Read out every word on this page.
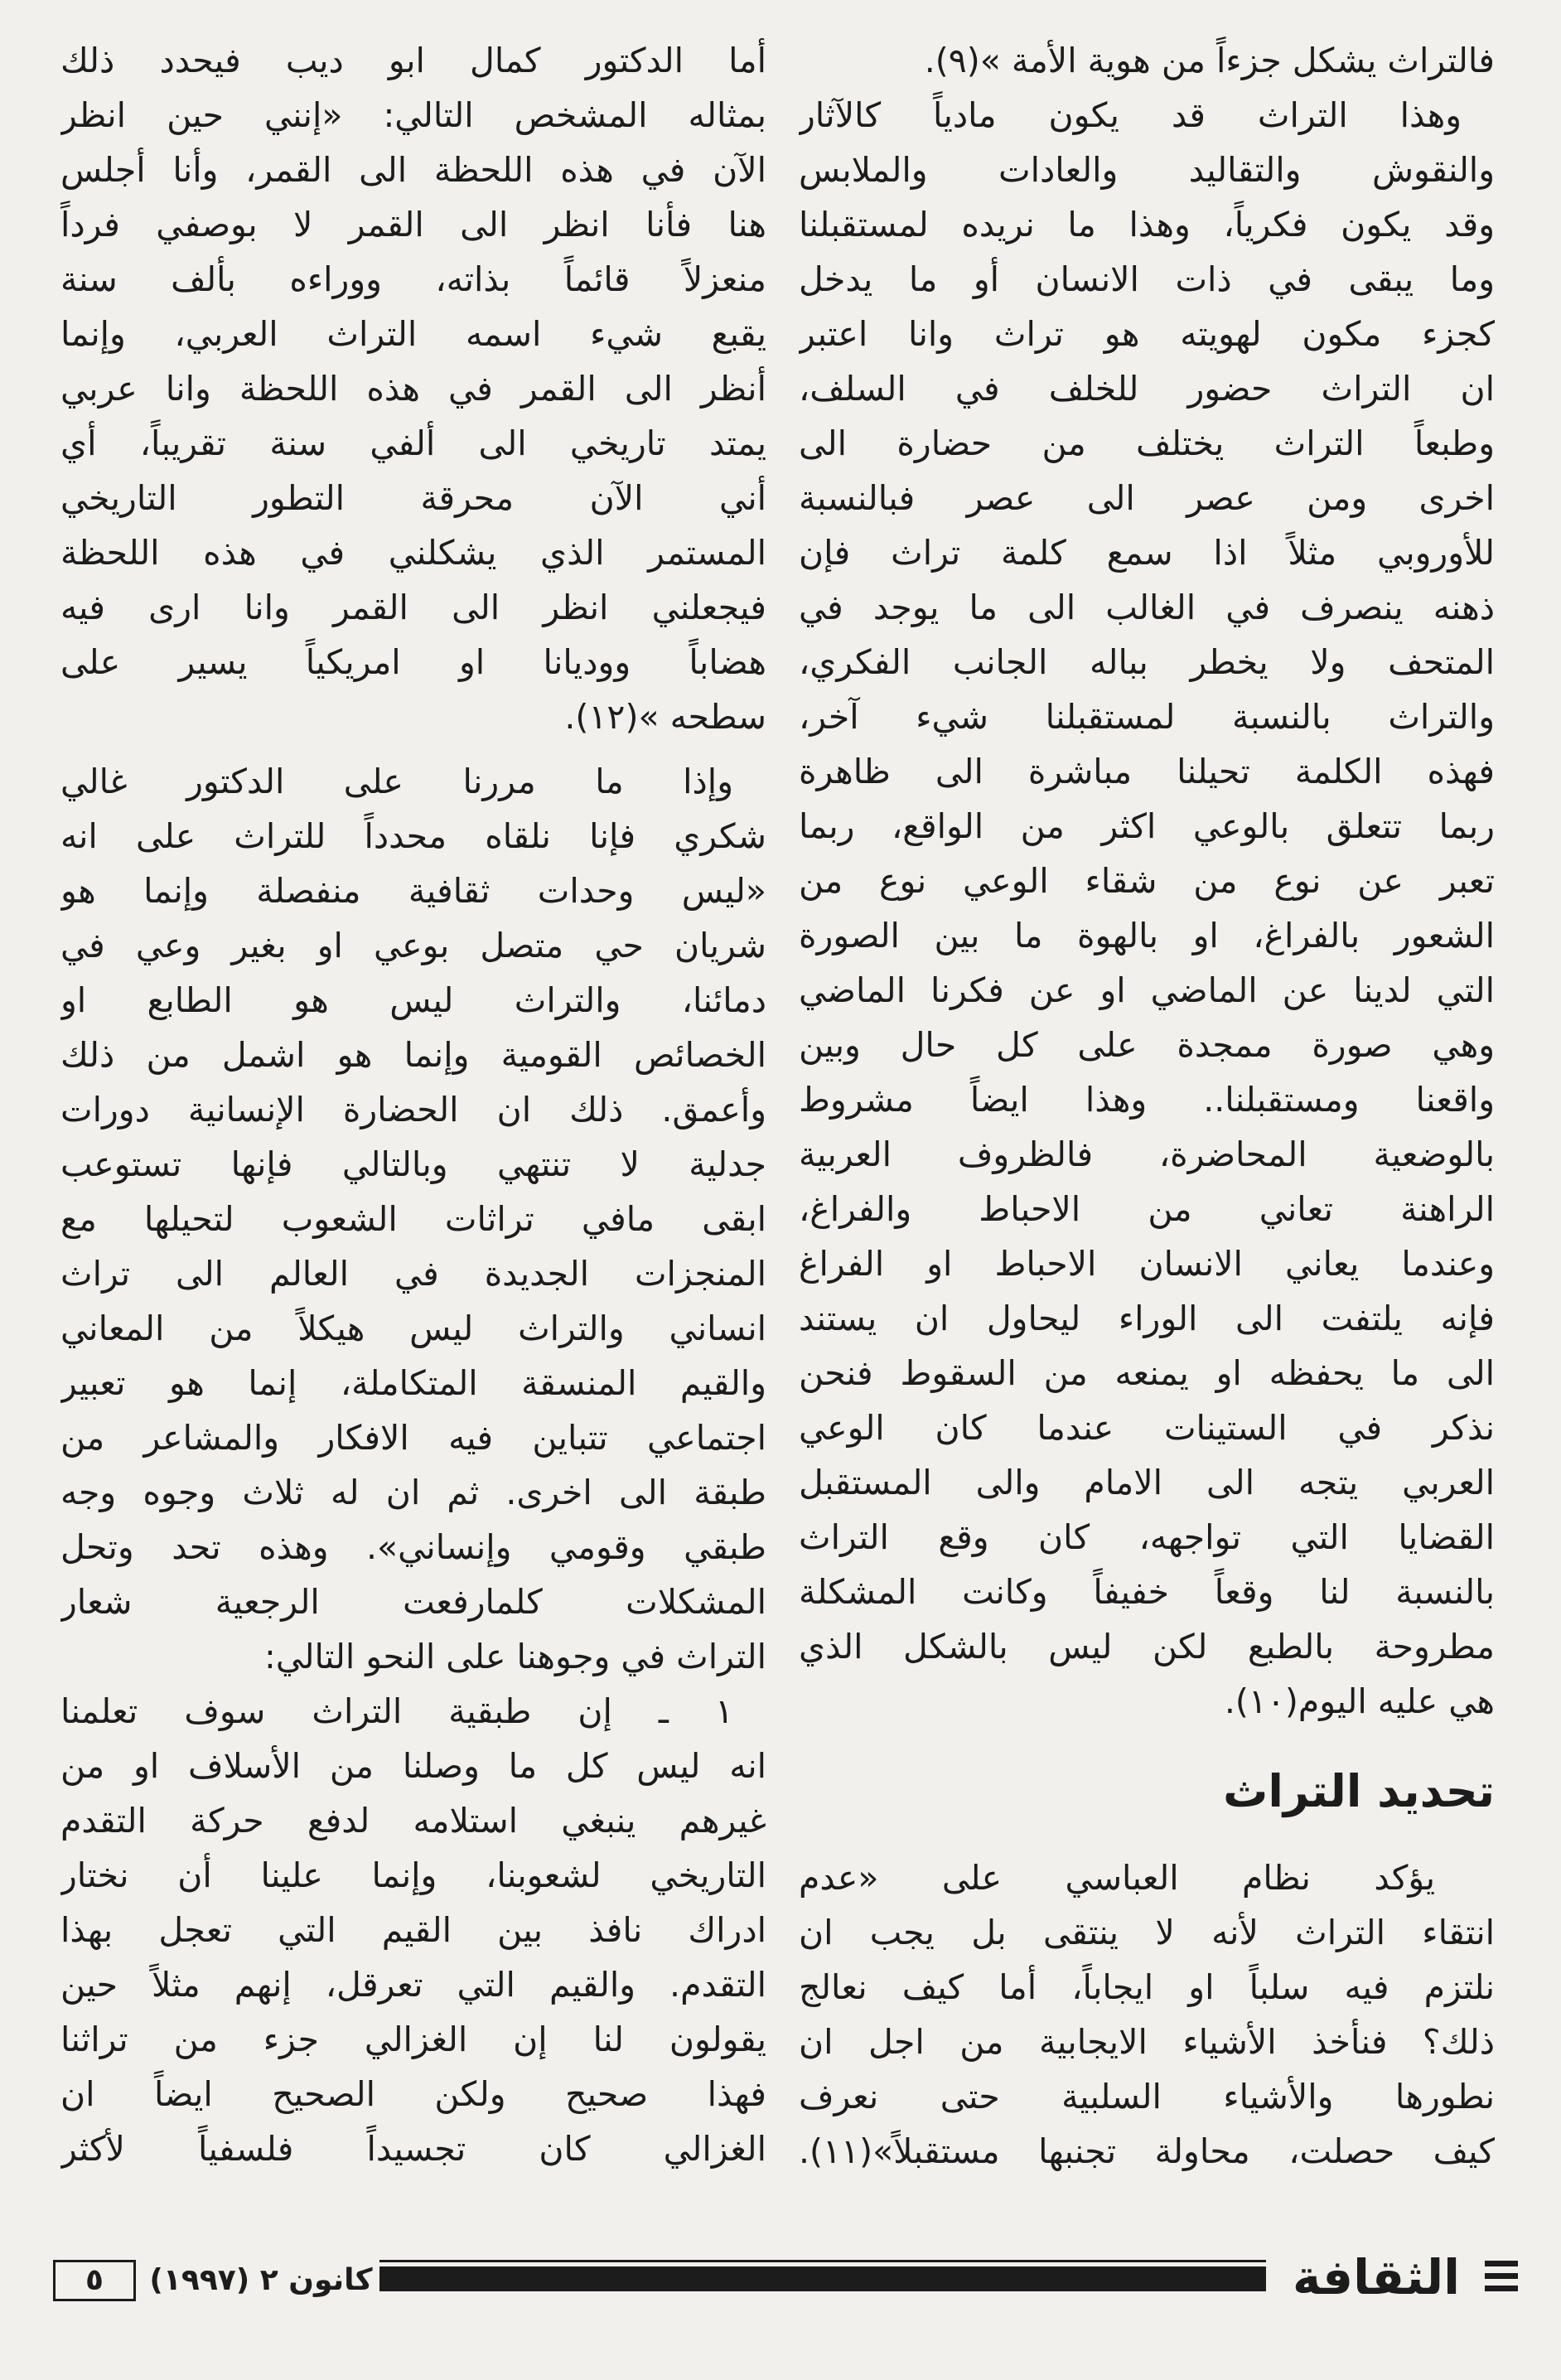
فالتراث يشكل جزءاً من هوية الأمة »(٩).
وهذا التراث قد يكون مادياً كالآثار
والنقوش والتقاليد والعادات والملابس
وقد يكون فكرياً، وهذا ما نريده لمستقبلنا
وما يبقى في ذات الانسان أو ما يدخل
كجزء مكون لهويته هو تراث وانا اعتبر
ان التراث حضور للخلف في السلف،
وطبعاً التراث يختلف من حضارة الى
اخرى ومن عصر الى عصر فبالنسبة
للأوروبي مثلاً اذا سمع كلمة تراث فإن
ذهنه ينصرف في الغالب الى ما يوجد في
المتحف ولا يخطر بباله الجانب الفكري،
والتراث بالنسبة لمستقبلنا شيء آخر،
فهذه الكلمة تحيلنا مباشرة الى ظاهرة
ربما تتعلق بالوعي اكثر من الواقع، ربما
تعبر عن نوع من شقاء الوعي نوع من
الشعور بالفراغ، او بالهوة ما بين الصورة
التي لدينا عن الماضي او عن فكرنا الماضي
وهي صورة ممجدة على كل حال وبين
واقعنا ومستقبلنا.. وهذا ايضاً مشروط
بالوضعية المحاضرة، فالظروف العربية
الراهنة تعاني من الاحباط والفراغ،
وعندما يعاني الانسان الاحباط او الفراغ
فإنه يلتفت الى الوراء ليحاول ان يستند
الى ما يحفظه او يمنعه من السقوط فنحن
نذكر في الستينات عندما كان الوعي
العربي يتجه الى الامام والى المستقبل
القضايا التي تواجهه، كان وقع التراث
بالنسبة لنا وقعاً خفيفاً وكانت المشكلة
مطروحة بالطبع لكن ليس بالشكل الذي
هي عليه اليوم(١٠).
تحديد التراث
يؤكد نظام العباسي على «عدم
انتقاء التراث لأنه لا ينتقى بل يجب ان
نلتزم فيه سلباً او ايجاباً، أما كيف نعالج
ذلك؟ فنأخذ الأشياء الايجابية من اجل ان
نطورها والأشياء السلبية حتى نعرف
كيف حصلت، محاولة تجنبها مستقبلاً»(١١).
أما الدكتور كمال ابو ديب فيحدد ذلك
بمثاله المشخص التالي: «إنني حين انظر
الآن في هذه اللحظة الى القمر، وأنا أجلس
هنا فأنا انظر الى القمر لا بوصفي فرداً
منعزلاً قائماً بذاته، ووراءه بألف سنة
يقبع شيء اسمه التراث العربي، وإنما
أنظر الى القمر في هذه اللحظة وانا عربي
يمتد تاريخي الى ألفي سنة تقريباً، أي
أني الآن محرقة التطور التاريخي
المستمر الذي يشكلني في هذه اللحظة
فيجعلني انظر الى القمر وانا ارى فيه
هضاباً ووديانا او امريكياً يسير على
سطحه »(١٢).
وإذا ما مررنا على الدكتور غالي
شكري فإنا نلقاه محدداً للتراث على انه
«ليس وحدات ثقافية منفصلة وإنما هو
شريان حي متصل بوعي او بغير وعي في
دمائنا، والتراث ليس هو الطابع او
الخصائص القومية وإنما هو اشمل من ذلك
وأعمق. ذلك ان الحضارة الإنسانية دورات
جدلية لا تنتهي وبالتالي فإنها تستوعب
ابقى مافي تراثات الشعوب لتحيلها مع
المنجزات الجديدة في العالم الى تراث
انساني والتراث ليس هيكلاً من المعاني
والقيم المنسقة المتكاملة، إنما هو تعبير
اجتماعي تتباين فيه الافكار والمشاعر من
طبقة الى اخرى. ثم ان له ثلاث وجوه وجه
طبقي وقومي وإنساني». وهذه تحد وتحل
المشكلات كلمارفعت الرجعية شعار
التراث في وجوهنا على النحو التالي:
١ ـ إن طبقية التراث سوف تعلمنا
انه ليس كل ما وصلنا من الأسلاف او من
غيرهم ينبغي استلامه لدفع حركة التقدم
التاريخي لشعوبنا، وإنما علينا أن نختار
ادراك نافذ بين القيم التي تعجل بهذا
التقدم. والقيم التي تعرقل، إنهم مثلاً حين
يقولون لنا إن الغزالي جزء من تراثنا
فهذا صحيح ولكن الصحيح ايضاً ان
الغزالي كان تجسيداً فلسفياً لأكثر
٥	كانون ٢ (١٩٩٧)	الثقافة
